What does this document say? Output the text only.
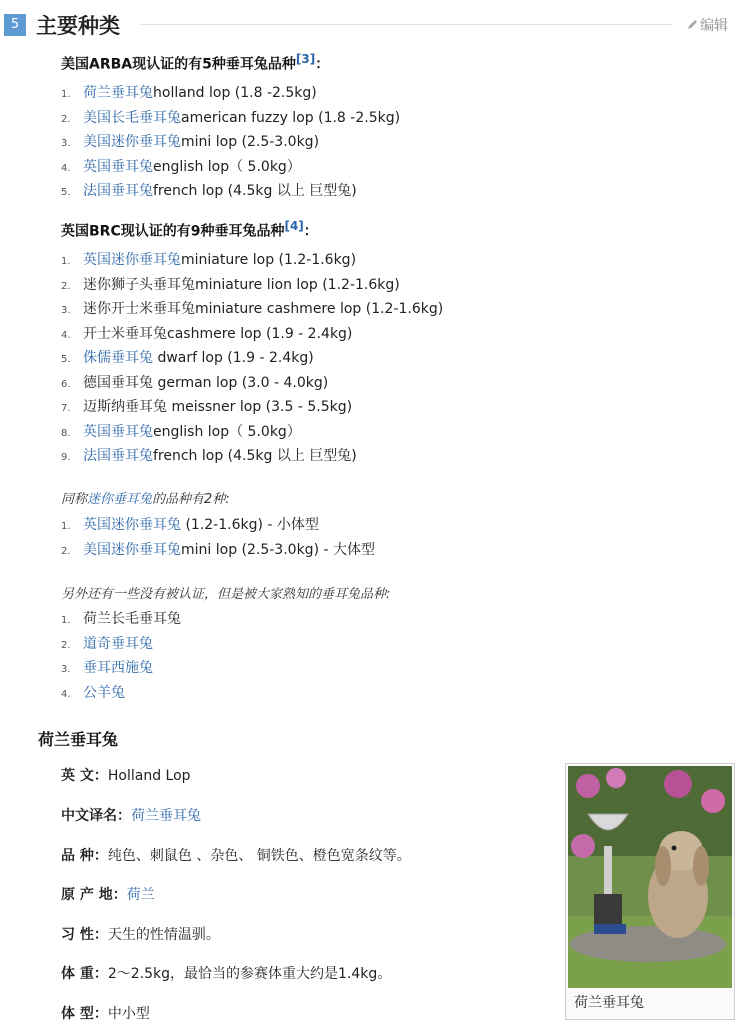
5 主要种类	编辑
美国ARBA现认证的有5种垂耳兔品种[3]：
1. 荷兰垂耳兔holland lop (1.8 -2.5kg)
2. 美国长毛垂耳兔american fuzzy lop (1.8 -2.5kg)
3. 美国迷你垂耳兔mini lop (2.5-3.0kg)
4. 英国垂耳兔english lop（ 5.0kg）
5. 法国垂耳兔french lop (4.5kg 以上 巨型兔)
英国BRC现认证的有9种垂耳兔品种[4]：
1. 英国迷你垂耳兔miniature lop (1.2-1.6kg)
2. 迷你狮子头垂耳兔miniature lion lop (1.2-1.6kg)
3. 迷你开士米垂耳兔miniature cashmere lop (1.2-1.6kg)
4. 开士米垂耳兔cashmere lop (1.9 - 2.4kg)
5. 侏儒垂耳兔 dwarf lop (1.9 - 2.4kg)
6. 德国垂耳兔 german lop (3.0 - 4.0kg)
7. 迈斯纳垂耳兔 meissner lop (3.5 - 5.5kg)
8. 英国垂耳兔english lop（ 5.0kg）
9. 法国垂耳兔french lop (4.5kg 以上 巨型兔)
同称迷你垂耳兔的品种有2种:
1. 英国迷你垂耳兔 (1.2-1.6kg) - 小体型
2. 美国迷你垂耳兔mini lop (2.5-3.0kg) - 大体型
另外还有一些没有被认证，但是被大家熟知的垂耳兔品种:
1. 荷兰长毛垂耳兔
2. 道奇垂耳兔
3. 垂耳西施兔
4. 公羊兔
荷兰垂耳兔
英 文：Holland Lop
中文译名：荷兰垂耳兔
品 种：纯色、刺鼠色 、杂色、 铜铁色、橙色宽条纹等。
原 产 地：荷兰
习 性：天生的性情温驯。
体 重：2～2.5kg，最恰当的参赛体重大约是1.4kg。
体 型：中小型
荷兰垂耳兔
